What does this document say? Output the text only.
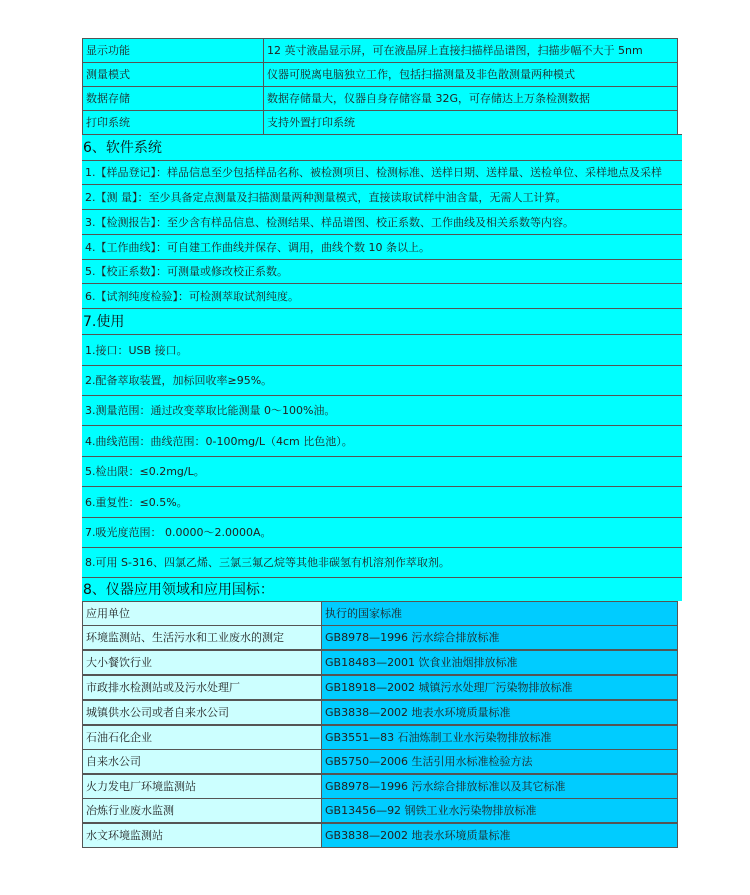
显示功能	12 英寸液晶显示屏，可在液晶屏上直接扫描样品谱图，扫描步幅不大于 5nm
测量模式	仪器可脱离电脑独立工作，包括扫描测量及非色散测量两种模式
数据存储	数据存储量大，仪器自身存储容量 32G，可存储达上万条检测数据
打印系统	支持外置打印系统
6、软件系统
1.【样品登记】：样品信息至少包括样品名称、被检测项目、检测标准、送样日期、送样量、送检单位、采样地点及采样
2.【测 量】：至少具备定点测量及扫描测量两种测量模式，直接读取试样中油含量，无需人工计算。
3.【检测报告】：至少含有样品信息、检测结果、样品谱图、校正系数、工作曲线及相关系数等内容。
4.【工作曲线】：可自建工作曲线并保存、调用，曲线个数 10 条以上。
5.【校正系数】：可测量或修改校正系数。
6.【试剂纯度检验】：可检测萃取试剂纯度。
7.使用
1.接口：USB 接口。
2.配备萃取装置，加标回收率≥95%。
3.测量范围：通过改变萃取比能测量 0～100%油。
4.曲线范围：曲线范围：0-100mg/L（4cm 比色池）。
5.检出限：≤0.2mg/L。
6.重复性：≤0.5%。
7.吸光度范围： 0.0000～2.0000A。
8.可用 S-316、四氯乙烯、三氯三氟乙烷等其他非碳氢有机溶剂作萃取剂。
8、仪器应用领域和应用国标：
应用单位	执行的国家标准
环境监测站、生活污水和工业废水的测定	GB8978—1996 污水综合排放标准
大小餐饮行业	GB18483—2001 饮食业油烟排放标准
市政排水检测站或及污水处理厂	GB18918—2002 城镇污水处理厂污染物排放标准
城镇供水公司或者自来水公司	GB3838—2002 地表水环境质量标准
石油石化企业	GB3551—83 石油炼制工业水污染物排放标准
自来水公司	GB5750—2006 生活引用水标准检验方法
火力发电厂环境监测站	GB8978—1996 污水综合排放标准以及其它标准
冶炼行业废水监测	GB13456—92 钢铁工业水污染物排放标准
水文环境监测站	GB3838—2002 地表水环境质量标准
